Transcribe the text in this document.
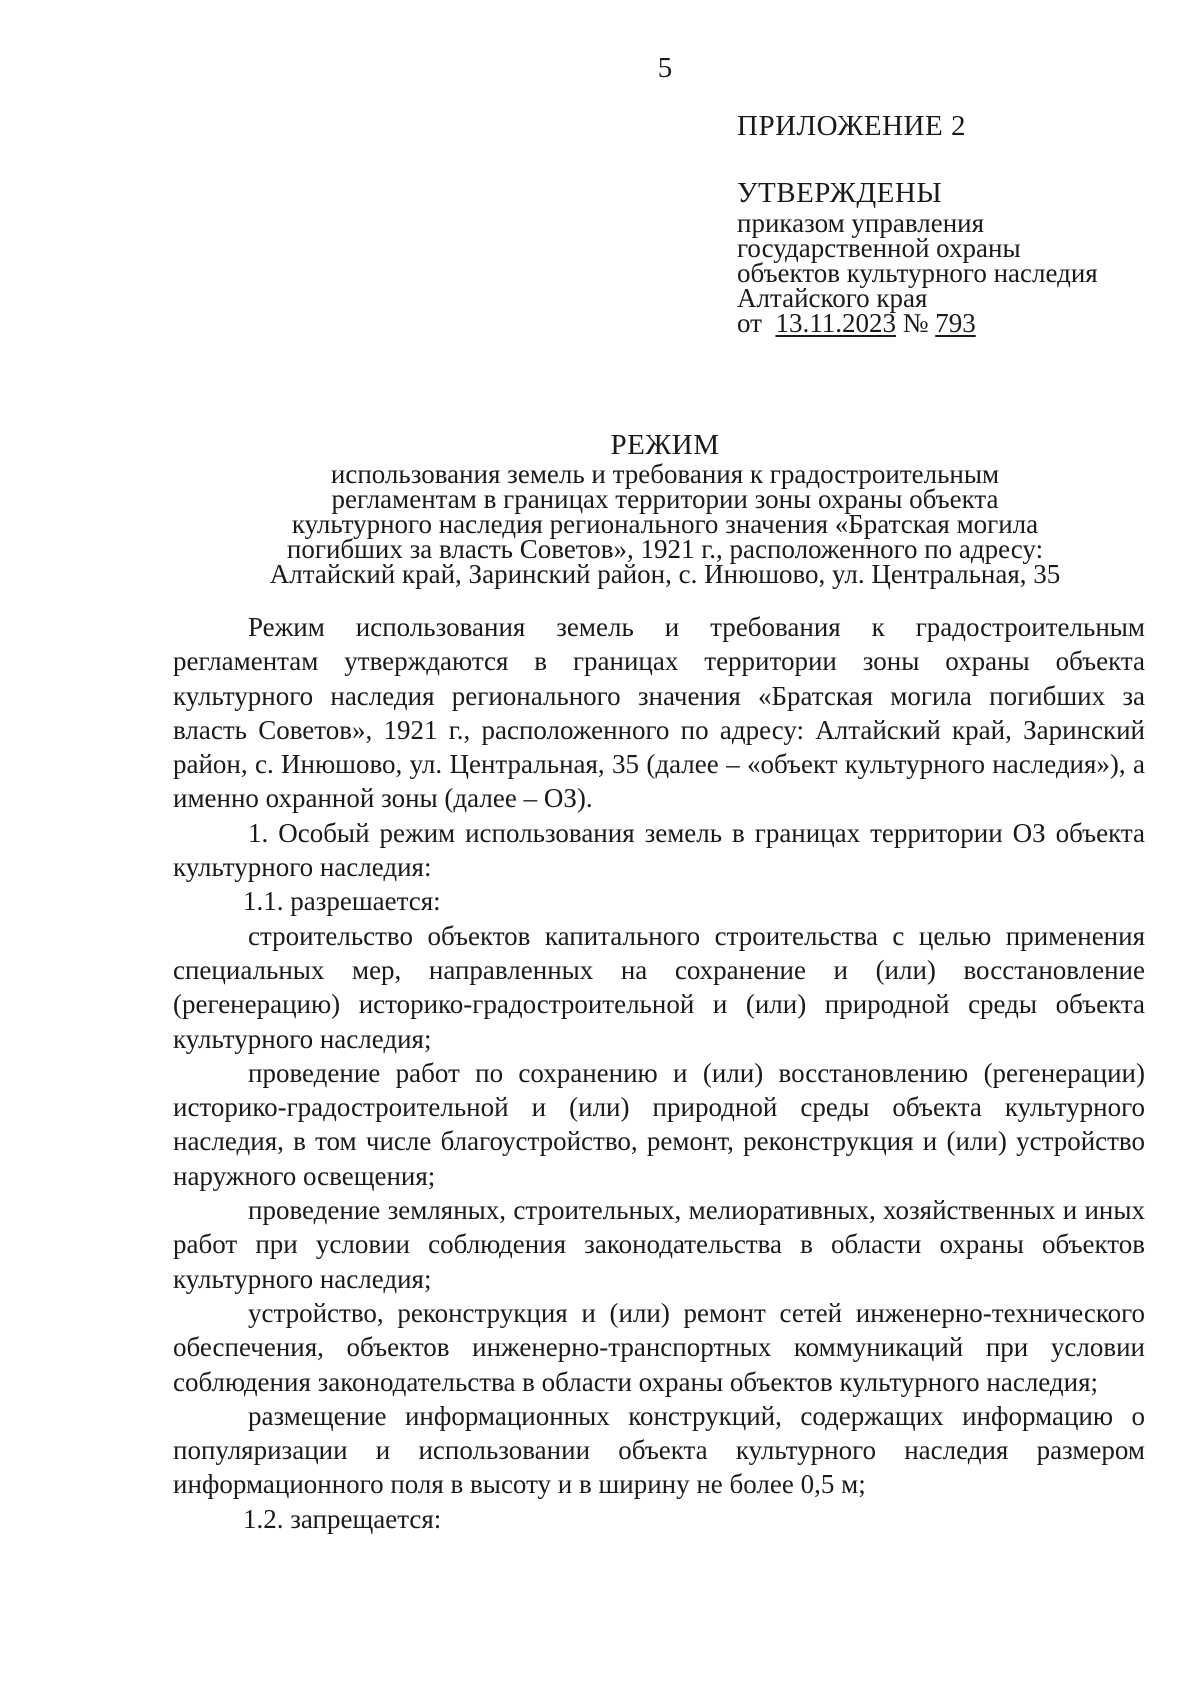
5
ПРИЛОЖЕНИЕ 2
УТВЕРЖДЕНЫ
приказом управления
государственной охраны
объектов культурного наследия
Алтайского края
от 13.11.2023 № 793
РЕЖИМ

использования земель и требования к градостроительным

регламентам в границах территории зоны охраны объекта

культурного наследия регионального значения «Братская могила

погибших за власть Советов», 1921 г., расположенного по адресу:

Алтайский край, Заринский район, с. Инюшово, ул. Центральная, 35

Режим использования земель и требования к градостроительным регламентам утверждаются в границах территории зоны охраны объекта культурного наследия регионального значения «Братская могила погибших за власть Советов», 1921 г., расположенного по адресу: Алтайский край, Заринский район, с. Инюшово, ул. Центральная, 35 (далее – «объект культурного наследия»), а именно охранной зоны (далее – ОЗ).

1. Особый режим использования земель в границах территории ОЗ объекта культурного наследия:

1.1. разрешается:

строительство объектов капитального строительства с целью применения специальных мер, направленных на сохранение и (или) восстановление (регенерацию) историко-градостроительной и (или) природной среды объекта культурного наследия;

проведение работ по сохранению и (или) восстановлению (регенерации) историко-градостроительной и (или) природной среды объекта культурного наследия, в том числе благоустройство, ремонт, реконструкция и (или) устройство наружного освещения;

проведение земляных, строительных, мелиоративных, хозяйственных и иных работ при условии соблюдения законодательства в области охраны объектов культурного наследия;

устройство, реконструкция и (или) ремонт сетей инженерно-технического обеспечения, объектов инженерно-транспортных коммуникаций при условии соблюдения законодательства в области охраны объектов культурного наследия;

размещение информационных конструкций, содержащих информацию о популяризации и использовании объекта культурного наследия размером информационного поля в высоту и в ширину не более 0,5 м;

1.2. запрещается:
